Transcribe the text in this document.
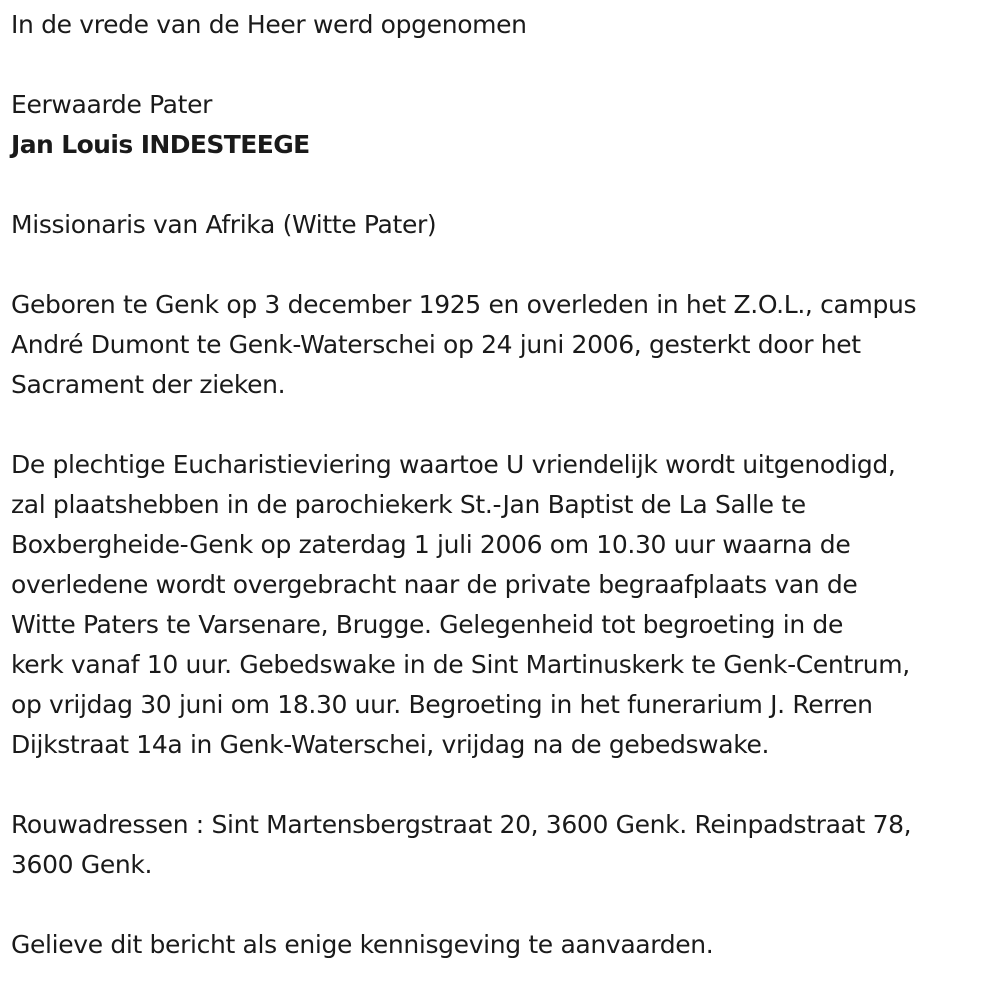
In de vrede van de Heer werd opgenomen
Eerwaarde Pater
Jan Louis INDESTEEGE
Missionaris van Afrika (Witte Pater)
Geboren te Genk op 3 december 1925 en overleden in het Z.O.L., campus
André Dumont te Genk-Waterschei op 24 juni 2006, gesterkt door het
Sacrament der zieken.
De plechtige Eucharistieviering waartoe U vriendelijk wordt uitgenodigd,
zal plaatshebben in de parochiekerk St.-Jan Baptist de La Salle te
Boxbergheide-Genk op zaterdag 1 juli 2006 om 10.30 uur waarna de
overledene wordt overgebracht naar de private begraafplaats van de
Witte Paters te Varsenare, Brugge. Gelegenheid tot begroeting in de
kerk vanaf 10 uur. Gebedswake in de Sint Martinuskerk te Genk-Centrum,
op vrijdag 30 juni om 18.30 uur. Begroeting in het funerarium J. Rerren
Dijkstraat 14a in Genk-Waterschei, vrijdag na de gebedswake.
Rouwadressen : Sint Martensbergstraat 20, 3600 Genk. Reinpadstraat 78,
3600 Genk.
Gelieve dit bericht als enige kennisgeving te aanvaarden.
